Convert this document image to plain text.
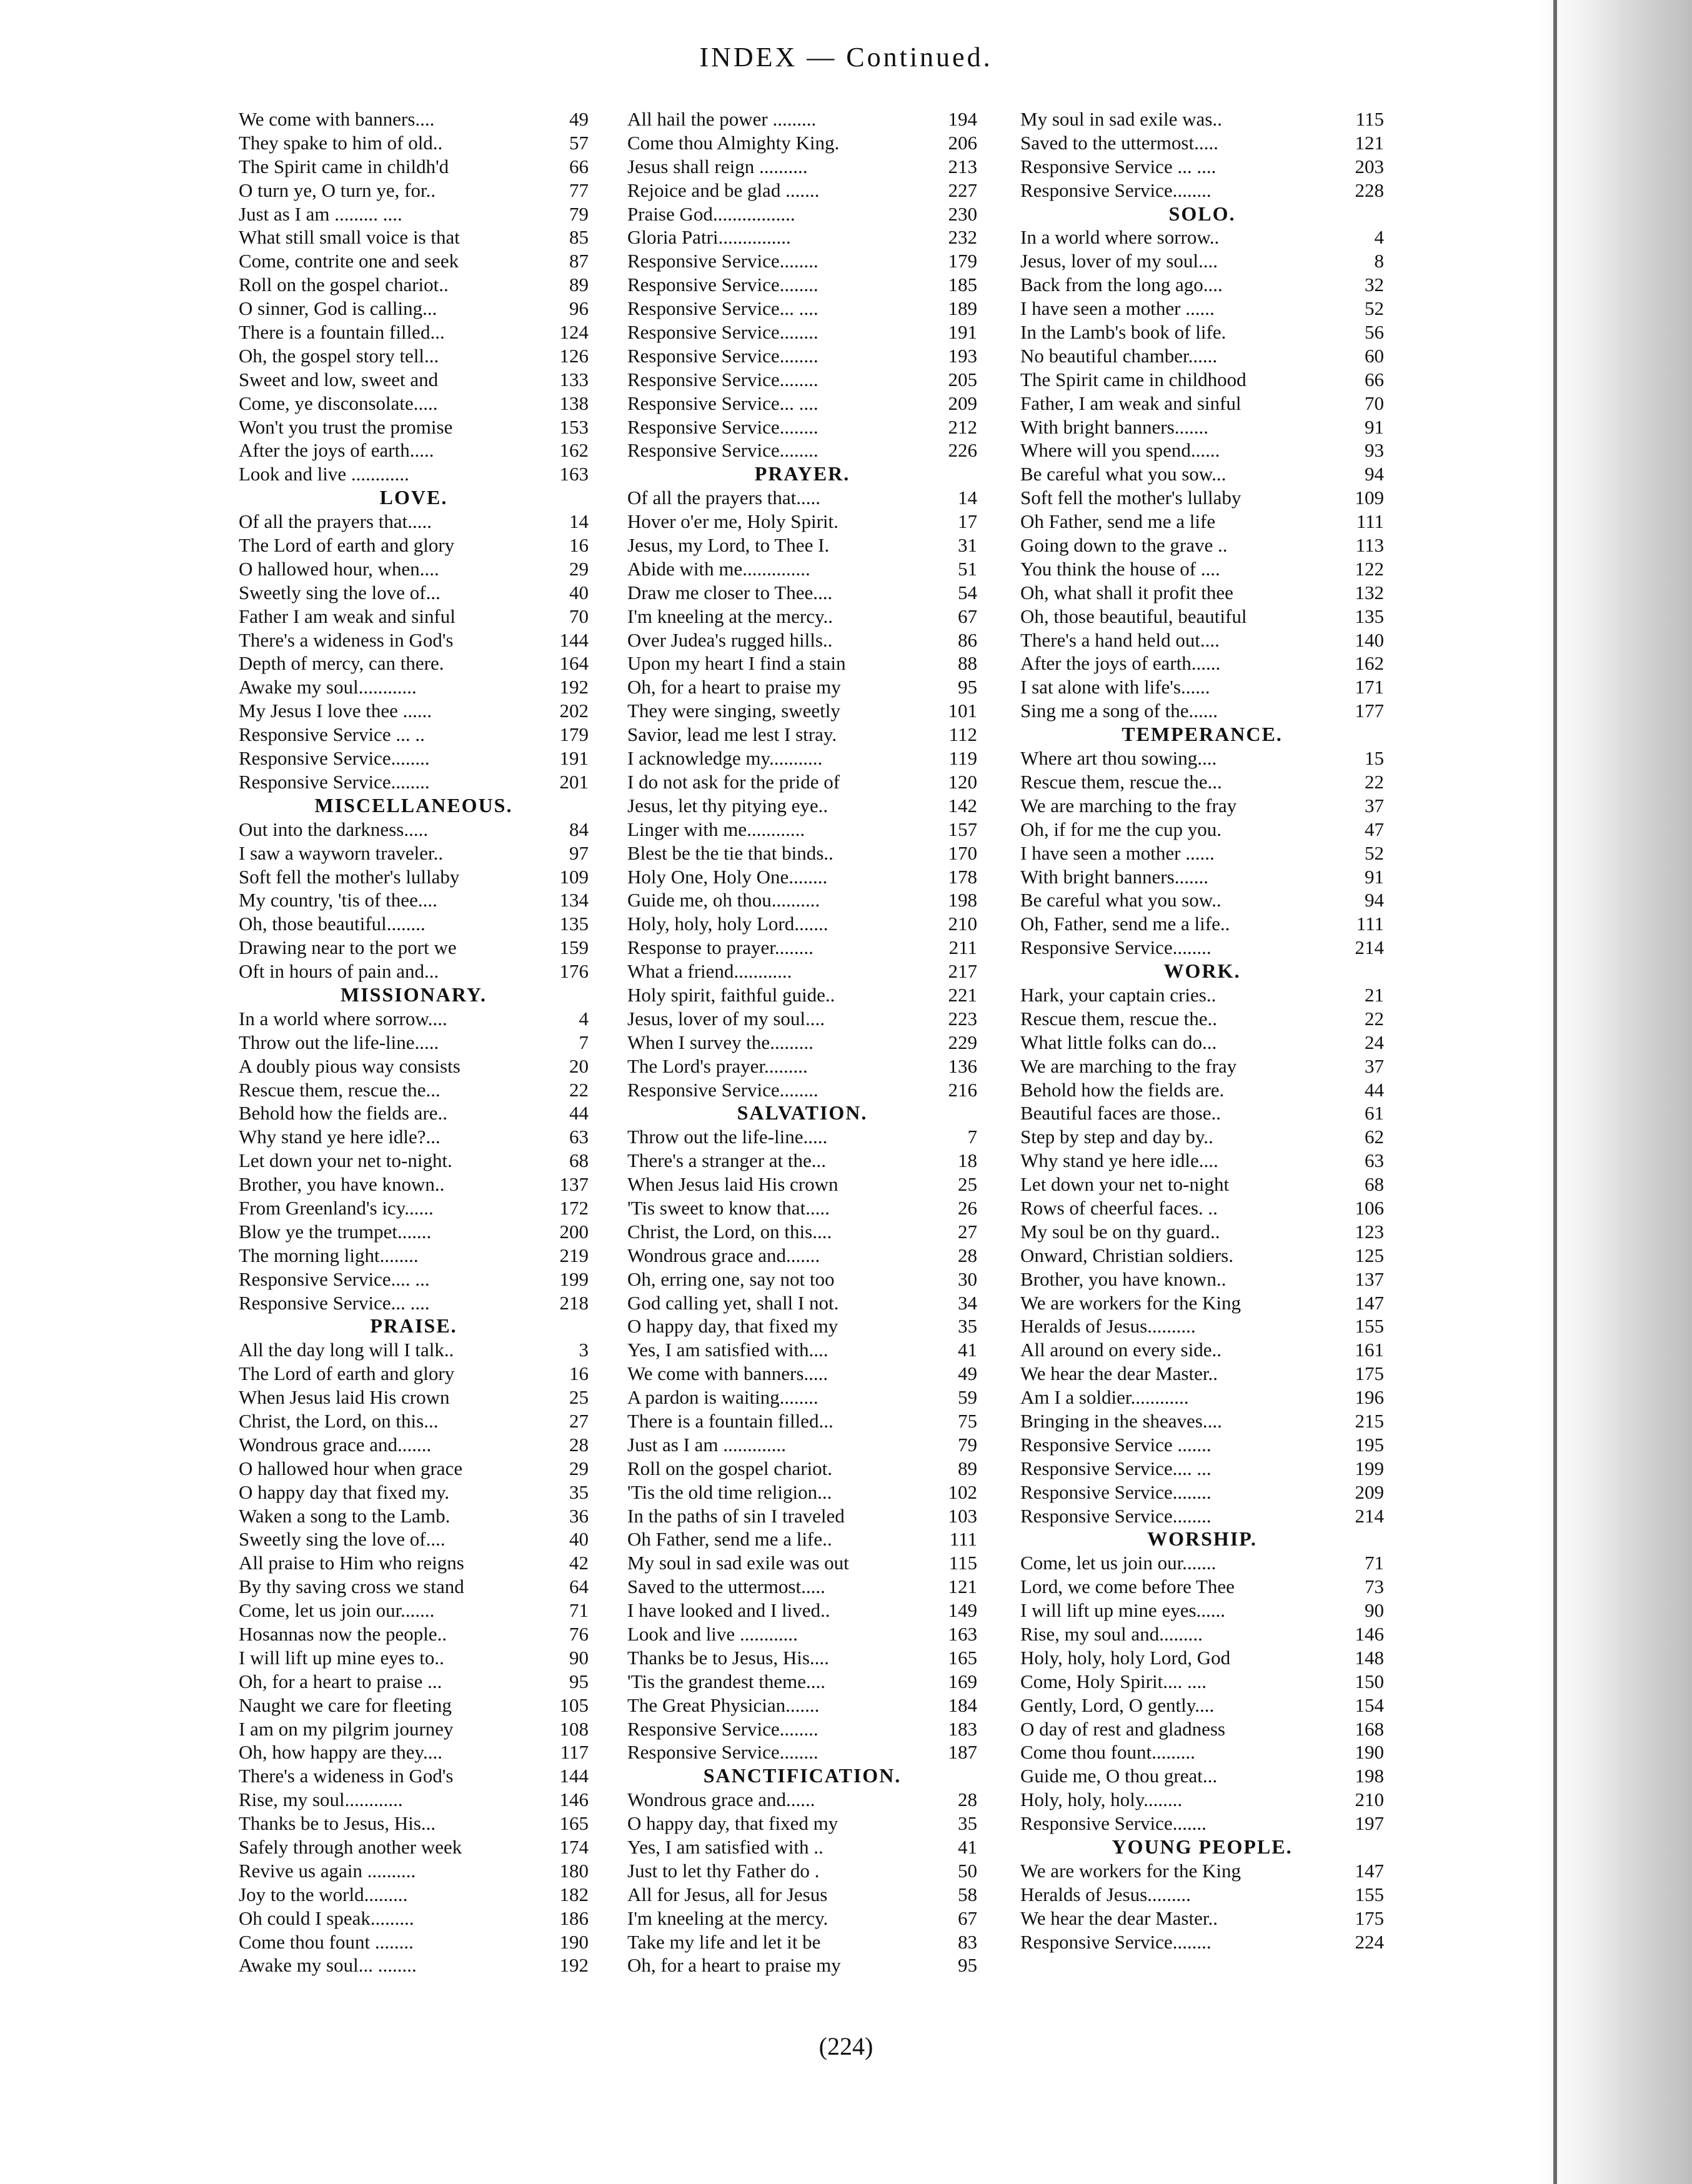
INDEX — Continued.
We come with banners....	49
They spake to him of old..	57
The Spirit came in childh'd	66
O turn ye, O turn ye, for..	77
Just as I am ......... ....	79
What still small voice is that	85
Come, contrite one and seek	87
Roll on the gospel chariot..	89
O sinner, God is calling...	96
There is a fountain filled...	124
Oh, the gospel story tell...	126
Sweet and low, sweet and	133
Come, ye disconsolate.....	138
Won't you trust the promise	153
After the joys of earth.....	162
Look and live ............	163
LOVE.
Of all the prayers that.....	14
The Lord of earth and glory	16
O hallowed hour, when....	29
Sweetly sing the love of...	40
Father I am weak and sinful	70
There's a wideness in God's	144
Depth of mercy, can there.	164
Awake my soul............	192
My Jesus I love thee ......	202
Responsive Service ... ..	179
Responsive Service........	191
Responsive Service........	201
MISCELLANEOUS.
Out into the darkness.....	84
I saw a wayworn traveler..	97
Soft fell the mother's lullaby	109
My country, 'tis of thee....	134
Oh, those beautiful........	135
Drawing near to the port we	159
Oft in hours of pain and...	176
MISSIONARY.
In a world where sorrow....	4
Throw out the life-line.....	7
A doubly pious way consists	20
Rescue them, rescue the...	22
Behold how the fields are..	44
Why stand ye here idle?...	63
Let down your net to-night.	68
Brother, you have known..	137
From Greenland's icy......	172
Blow ye the trumpet.......	200
The morning light........	219
Responsive Service.... ...	199
Responsive Service... ....	218
PRAISE.
All the day long will I talk..	3
The Lord of earth and glory	16
When Jesus laid His crown	25
Christ, the Lord, on this...	27
Wondrous grace and.......	28
O hallowed hour when grace	29
O happy day that fixed my.	35
Waken a song to the Lamb.	36
Sweetly sing the love of....	40
All praise to Him who reigns	42
By thy saving cross we stand	64
Come, let us join our.......	71
Hosannas now the people..	76
I will lift up mine eyes to..	90
Oh, for a heart to praise ...	95
Naught we care for fleeting	105
I am on my pilgrim journey	108
Oh, how happy are they....	117
There's a wideness in God's	144
Rise, my soul............	146
Thanks be to Jesus, His...	165
Safely through another week	174
Revive us again ..........	180
Joy to the world.........	182
Oh could I speak.........	186
Come thou fount ........	190
Awake my soul... ........	192
All hail the power .........	194
Come thou Almighty King.	206
Jesus shall reign ..........	213
Rejoice and be glad .......	227
Praise God.................	230
Gloria Patri...............	232
Responsive Service........	179
Responsive Service........	185
Responsive Service... ....	189
Responsive Service........	191
Responsive Service........	193
Responsive Service........	205
Responsive Service... ....	209
Responsive Service........	212
Responsive Service........	226
PRAYER.
Of all the prayers that.....	14
Hover o'er me, Holy Spirit.	17
Jesus, my Lord, to Thee I.	31
Abide with me..............	51
Draw me closer to Thee....	54
I'm kneeling at the mercy..	67
Over Judea's rugged hills..	86
Upon my heart I find a stain	88
Oh, for a heart to praise my	95
They were singing, sweetly	101
Savior, lead me lest I stray.	112
I acknowledge my...........	119
I do not ask for the pride of	120
Jesus, let thy pitying eye..	142
Linger with me............	157
Blest be the tie that binds..	170
Holy One, Holy One........	178
Guide me, oh thou..........	198
Holy, holy, holy Lord.......	210
Response to prayer........	211
What a friend............	217
Holy spirit, faithful guide..	221
Jesus, lover of my soul....	223
When I survey the.........	229
The Lord's prayer.........	136
Responsive Service........	216
SALVATION.
Throw out the life-line.....	7
There's a stranger at the...	18
When Jesus laid His crown	25
'Tis sweet to know that.....	26
Christ, the Lord, on this....	27
Wondrous grace and.......	28
Oh, erring one, say not too	30
God calling yet, shall I not.	34
O happy day, that fixed my	35
Yes, I am satisfied with....	41
We come with banners.....	49
A pardon is waiting........	59
There is a fountain filled...	75
Just as I am .............	79
Roll on the gospel chariot.	89
'Tis the old time religion...	102
In the paths of sin I traveled	103
Oh Father, send me a life..	111
My soul in sad exile was out	115
Saved to the uttermost.....	121
I have looked and I lived..	149
Look and live ............	163
Thanks be to Jesus, His....	165
'Tis the grandest theme....	169
The Great Physician.......	184
Responsive Service........	183
Responsive Service........	187
SANCTIFICATION.
Wondrous grace and......	28
O happy day, that fixed my	35
Yes, I am satisfied with ..	41
Just to let thy Father do .	50
All for Jesus, all for Jesus	58
I'm kneeling at the mercy.	67
Take my life and let it be	83
Oh, for a heart to praise my	95
My soul in sad exile was..	115
Saved to the uttermost.....	121
Responsive Service ... ....	203
Responsive Service........	228
SOLO.
In a world where sorrow..	4
Jesus, lover of my soul....	8
Back from the long ago....	32
I have seen a mother ......	52
In the Lamb's book of life.	56
No beautiful chamber......	60
The Spirit came in childhood	66
Father, I am weak and sinful	70
With bright banners.......	91
Where will you spend......	93
Be careful what you sow...	94
Soft fell the mother's lullaby	109
Oh Father, send me a life	111
Going down to the grave ..	113
You think the house of ....	122
Oh, what shall it profit thee	132
Oh, those beautiful, beautiful	135
There's a hand held out....	140
After the joys of earth......	162
I sat alone with life's......	171
Sing me a song of the......	177
TEMPERANCE.
Where art thou sowing....	15
Rescue them, rescue the...	22
We are marching to the fray	37
Oh, if for me the cup you.	47
I have seen a mother ......	52
With bright banners.......	91
Be careful what you sow..	94
Oh, Father, send me a life..	111
Responsive Service........	214
WORK.
Hark, your captain cries..	21
Rescue them, rescue the..	22
What little folks can do...	24
We are marching to the fray	37
Behold how the fields are.	44
Beautiful faces are those..	61
Step by step and day by..	62
Why stand ye here idle....	63
Let down your net to-night	68
Rows of cheerful faces. ..	106
My soul be on thy guard..	123
Onward, Christian soldiers.	125
Brother, you have known..	137
We are workers for the King	147
Heralds of Jesus..........	155
All around on every side..	161
We hear the dear Master..	175
Am I a soldier............	196
Bringing in the sheaves....	215
Responsive Service .......	195
Responsive Service.... ...	199
Responsive Service........	209
Responsive Service........	214
WORSHIP.
Come, let us join our.......	71
Lord, we come before Thee	73
I will lift up mine eyes......	90
Rise, my soul and.........	146
Holy, holy, holy Lord, God	148
Come, Holy Spirit.... ....	150
Gently, Lord, O gently....	154
O day of rest and gladness	168
Come thou fount.........	190
Guide me, O thou great...	198
Holy, holy, holy........	210
Responsive Service.......	197
YOUNG PEOPLE.
We are workers for the King	147
Heralds of Jesus.........	155
We hear the dear Master..	175
Responsive Service........	224
(224)
